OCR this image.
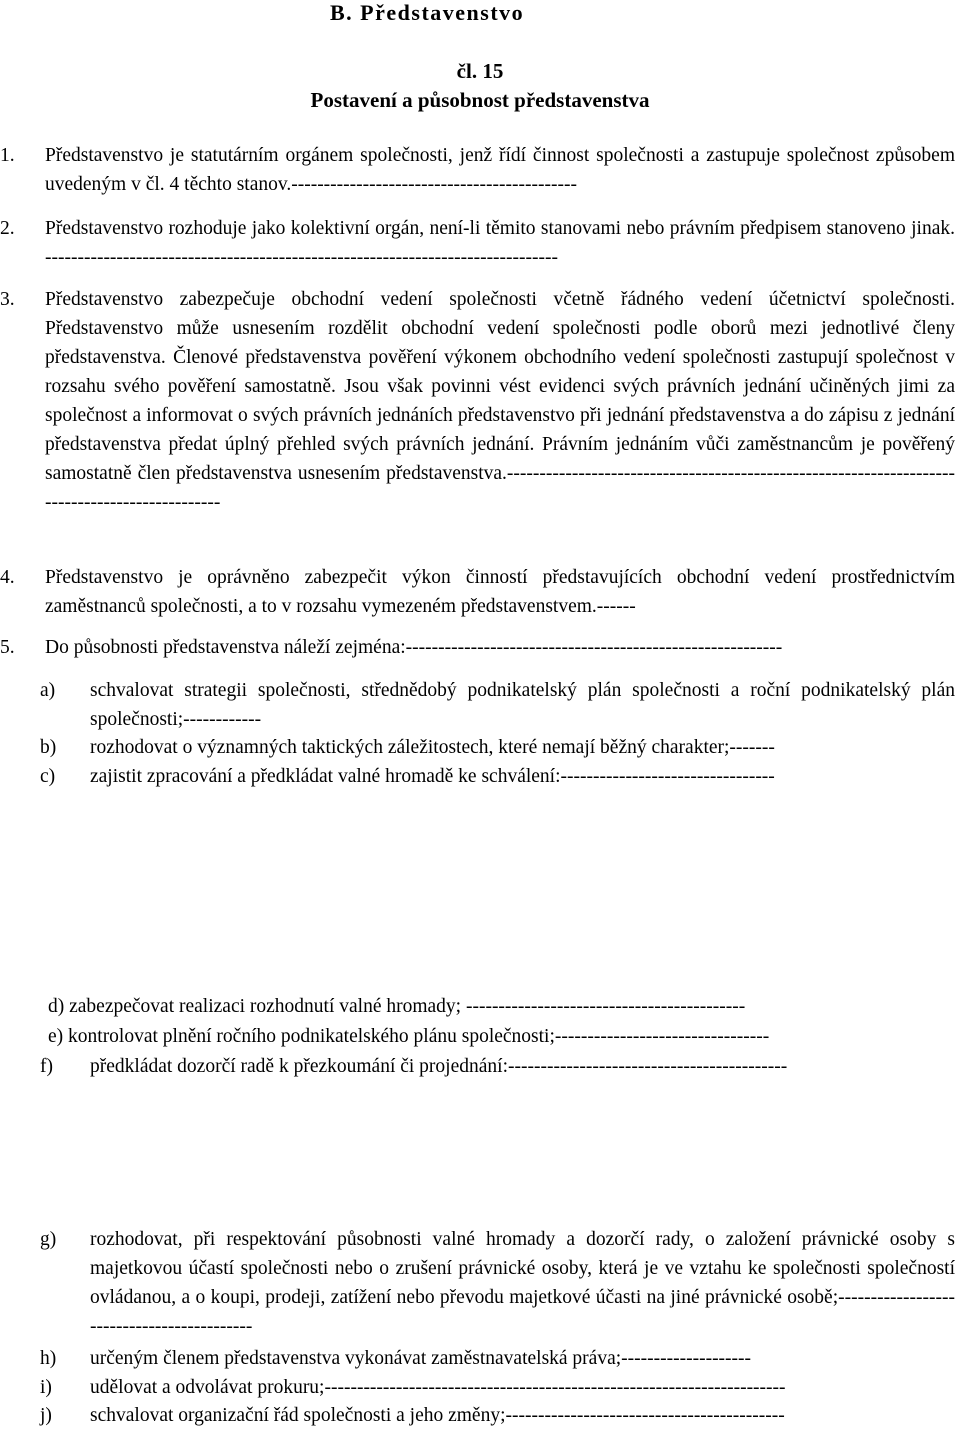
B. Představenstvo
čl. 15
Postavení a působnost představenstva
1. Představenstvo je statutárním orgánem společnosti, jenž řídí činnost společnosti a zastupuje společnost způsobem uvedeným v čl. 4 těchto stanov.--------------------------------------------
2. Představenstvo rozhoduje jako kolektivní orgán, není-li těmito stanovami nebo právním předpisem stanoveno jinak. -------------------------------------------------------------------------------
3. Představenstvo zabezpečuje obchodní vedení společnosti včetně řádného vedení účetnictví společnosti. Představenstvo může usnesením rozdělit obchodní vedení společnosti podle oborů mezi jednotlivé členy představenstva. Členové představenstva pověření výkonem obchodního vedení společnosti zastupují společnost v rozsahu svého pověření samostatně. Jsou však povinni vést evidenci svých právních jednání učiněných jimi za společnost a informovat o svých právních jednáních představenstvo při jednání představenstva a do zápisu z jednání představenstva předat úplný přehled svých právních jednání. Právním jednáním vůči zaměstnancům je pověřený samostatně člen představenstva usnesením představenstva.------------------------------------------------------------------------------------------------
4. Představenstvo je oprávněno zabezpečit výkon činností představujících obchodní vedení prostřednictvím zaměstnanců společnosti, a to v rozsahu vymezeném představenstvem.------
5. Do působnosti představenstva náleží zejména:----------------------------------------------------------
a) schvalovat strategii společnosti, střednědobý podnikatelský plán společnosti a roční podnikatelský plán společnosti;------------
b) rozhodovat o významných taktických záležitostech, které nemají běžný charakter;-------
c) zajistit zpracování a předkládat valné hromadě ke schválení:---------------------------------
d) zabezpečovat realizaci rozhodnutí valné hromady; -------------------------------------------
e) kontrolovat plnění ročního podnikatelského plánu společnosti;---------------------------------
f) předkládat dozorčí radě k přezkoumání či projednání:-------------------------------------------
g) rozhodovat, při respektování působnosti valné hromady a dozorčí rady, o založení právnické osoby s majetkovou účastí společnosti nebo o zrušení právnické osoby, která je ve vztahu ke společnosti společností ovládanou, a o koupi, prodeji, zatížení nebo převodu majetkové účasti na jiné právnické osobě;-------------------------------------------
h) určeným členem představenstva vykonávat zaměstnavatelská práva;--------------------
i) udělovat a odvolávat prokuru;-----------------------------------------------------------------------
j) schvalovat organizační řád společnosti a jeho změny;-------------------------------------------
